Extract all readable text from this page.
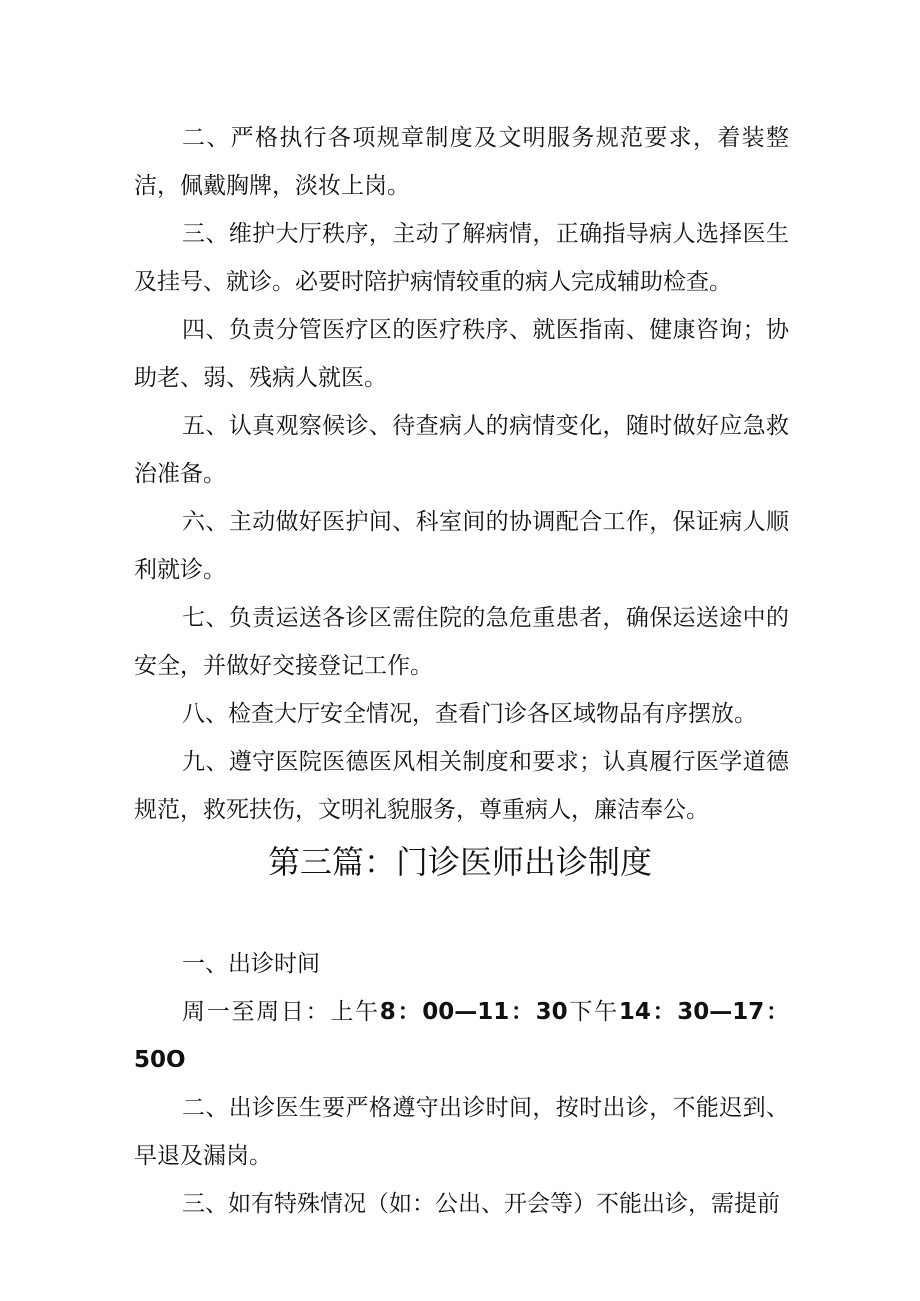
二、严格执行各项规章制度及文明服务规范要求，着装整洁，佩戴胸牌，淡妆上岗。

三、维护大厅秩序，主动了解病情，正确指导病人选择医生及挂号、就诊。必要时陪护病情较重的病人完成辅助检查。

四、负责分管医疗区的医疗秩序、就医指南、健康咨询；协助老、弱、残病人就医。

五、认真观察候诊、待查病人的病情变化，随时做好应急救治准备。

六、主动做好医护间、科室间的协调配合工作，保证病人顺利就诊。

七、负责运送各诊区需住院的急危重患者，确保运送途中的安全，并做好交接登记工作。

八、检查大厅安全情况，查看门诊各区域物品有序摆放。

九、遵守医院医德医风相关制度和要求；认真履行医学道德规范，救死扶伤，文明礼貌服务，尊重病人，廉洁奉公。

第三篇：门诊医师出诊制度

一、出诊时间

周一至周日：上午8：00—11：30下午14：30—17：50O

二、出诊医生要严格遵守出诊时间，按时出诊，不能迟到、早退及漏岗。

三、如有特殊情况（如：公出、开会等）不能出诊，需提前
